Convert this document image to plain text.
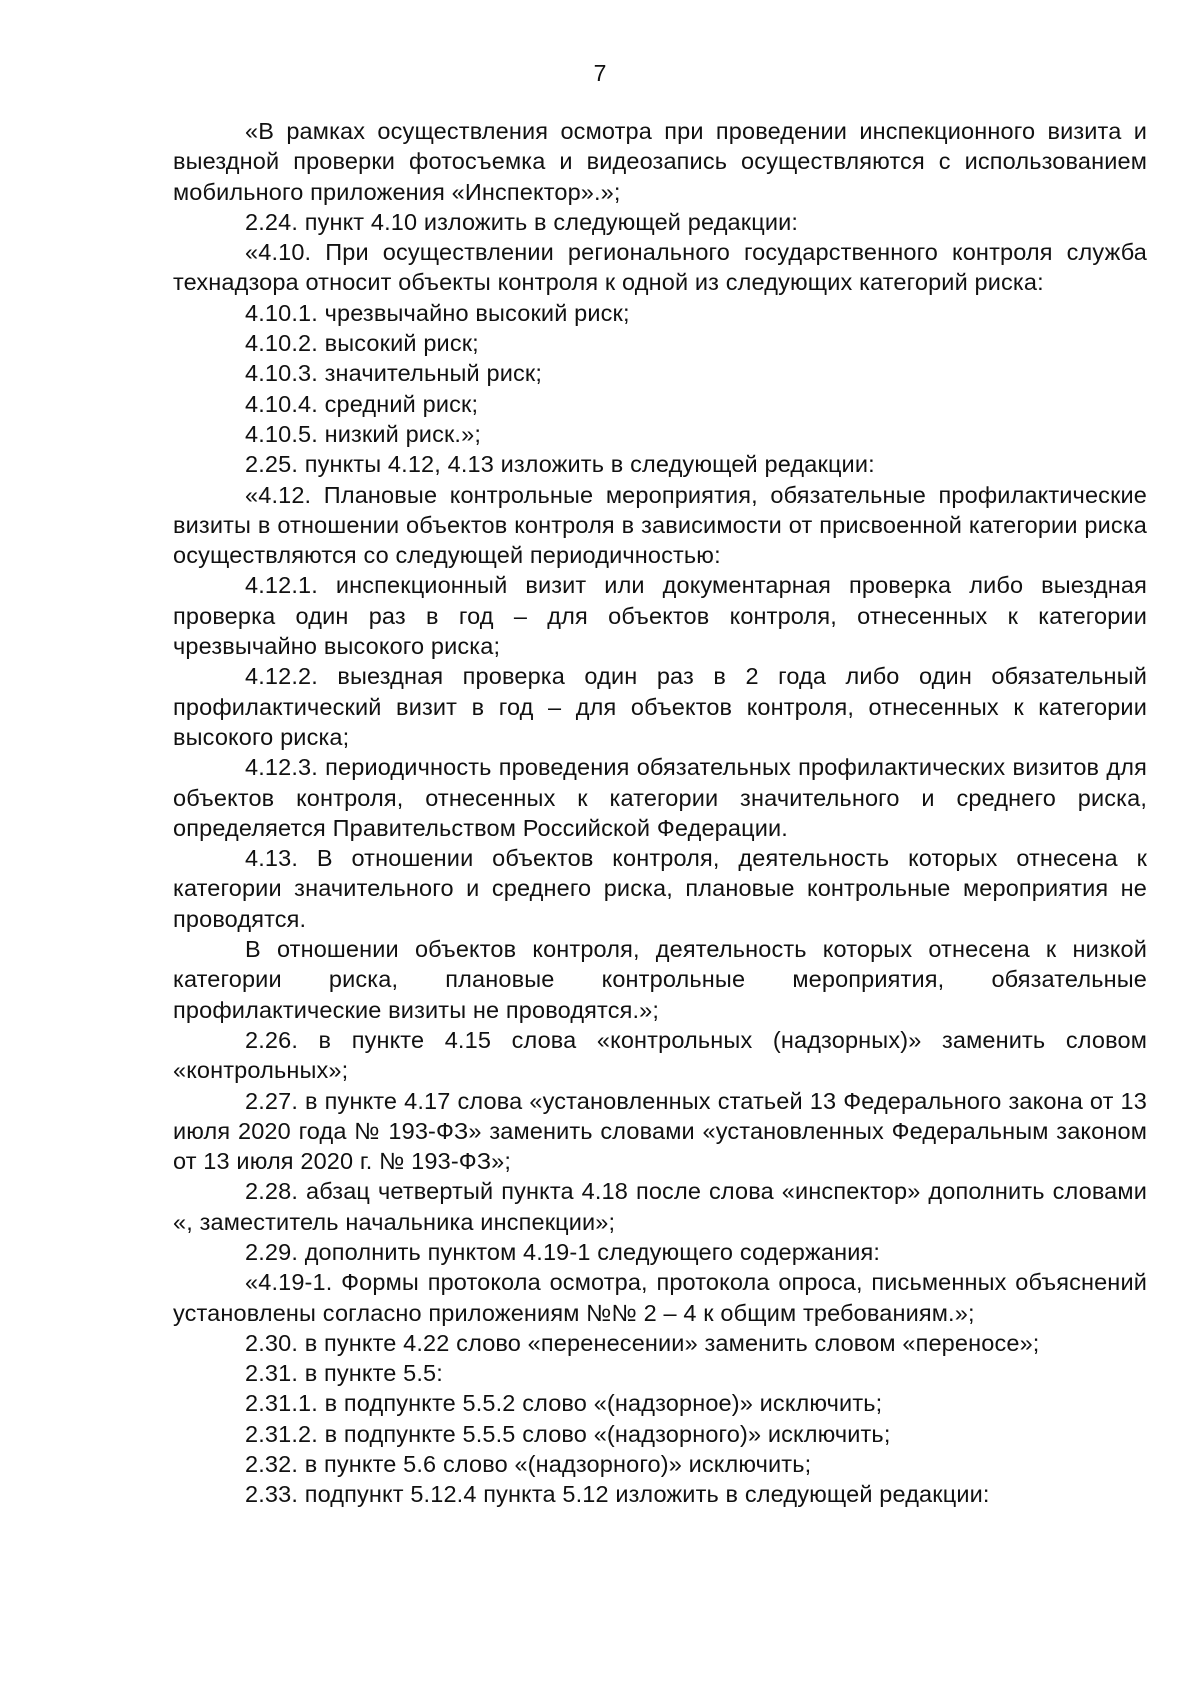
7

«В рамках осуществления осмотра при проведении инспекционного визита и выездной проверки фотосъемка и видеозапись осуществляются с использованием мобильного приложения «Инспектор».»;

2.24. пункт 4.10 изложить в следующей редакции:

«4.10. При осуществлении регионального государственного контроля служба технадзора относит объекты контроля к одной из следующих категорий риска:

4.10.1. чрезвычайно высокий риск;

4.10.2. высокий риск;

4.10.3. значительный риск;

4.10.4. средний риск;

4.10.5. низкий риск.»;

2.25. пункты 4.12, 4.13 изложить в следующей редакции:

«4.12. Плановые контрольные мероприятия, обязательные профилактические визиты в отношении объектов контроля в зависимости от присвоенной категории риска осуществляются со следующей периодичностью:

4.12.1. инспекционный визит или документарная проверка либо выездная проверка один раз в год – для объектов контроля, отнесенных к категории чрезвычайно высокого риска;

4.12.2. выездная проверка один раз в 2 года либо один обязательный профилактический визит в год – для объектов контроля, отнесенных к категории высокого риска;

4.12.3. периодичность проведения обязательных профилактических визитов для объектов контроля, отнесенных к категории значительного и среднего риска, определяется Правительством Российской Федерации.

4.13. В отношении объектов контроля, деятельность которых отнесена к категории значительного и среднего риска, плановые контрольные мероприятия не проводятся.

В отношении объектов контроля, деятельность которых отнесена к низкой категории риска, плановые контрольные мероприятия, обязательные профилактические визиты не проводятся.»;

2.26. в пункте 4.15 слова «контрольных (надзорных)» заменить словом «контрольных»;

2.27. в пункте 4.17 слова «установленных статьей 13 Федерального закона от 13 июля 2020 года № 193-ФЗ» заменить словами «установленных Федеральным законом от 13 июля 2020 г. № 193-ФЗ»;

2.28. абзац четвертый пункта 4.18 после слова «инспектор» дополнить словами «, заместитель начальника инспекции»;

2.29. дополнить пунктом 4.19-1 следующего содержания:

«4.19-1. Формы протокола осмотра, протокола опроса, письменных объяснений установлены согласно приложениям №№ 2 – 4 к общим требованиям.»;

2.30. в пункте 4.22 слово «перенесении» заменить словом «переносе»;

2.31. в пункте 5.5:

2.31.1. в подпункте 5.5.2 слово «(надзорное)» исключить;

2.31.2. в подпункте 5.5.5 слово «(надзорного)» исключить;

2.32. в пункте 5.6 слово «(надзорного)» исключить;

2.33. подпункт 5.12.4 пункта 5.12 изложить в следующей редакции:
